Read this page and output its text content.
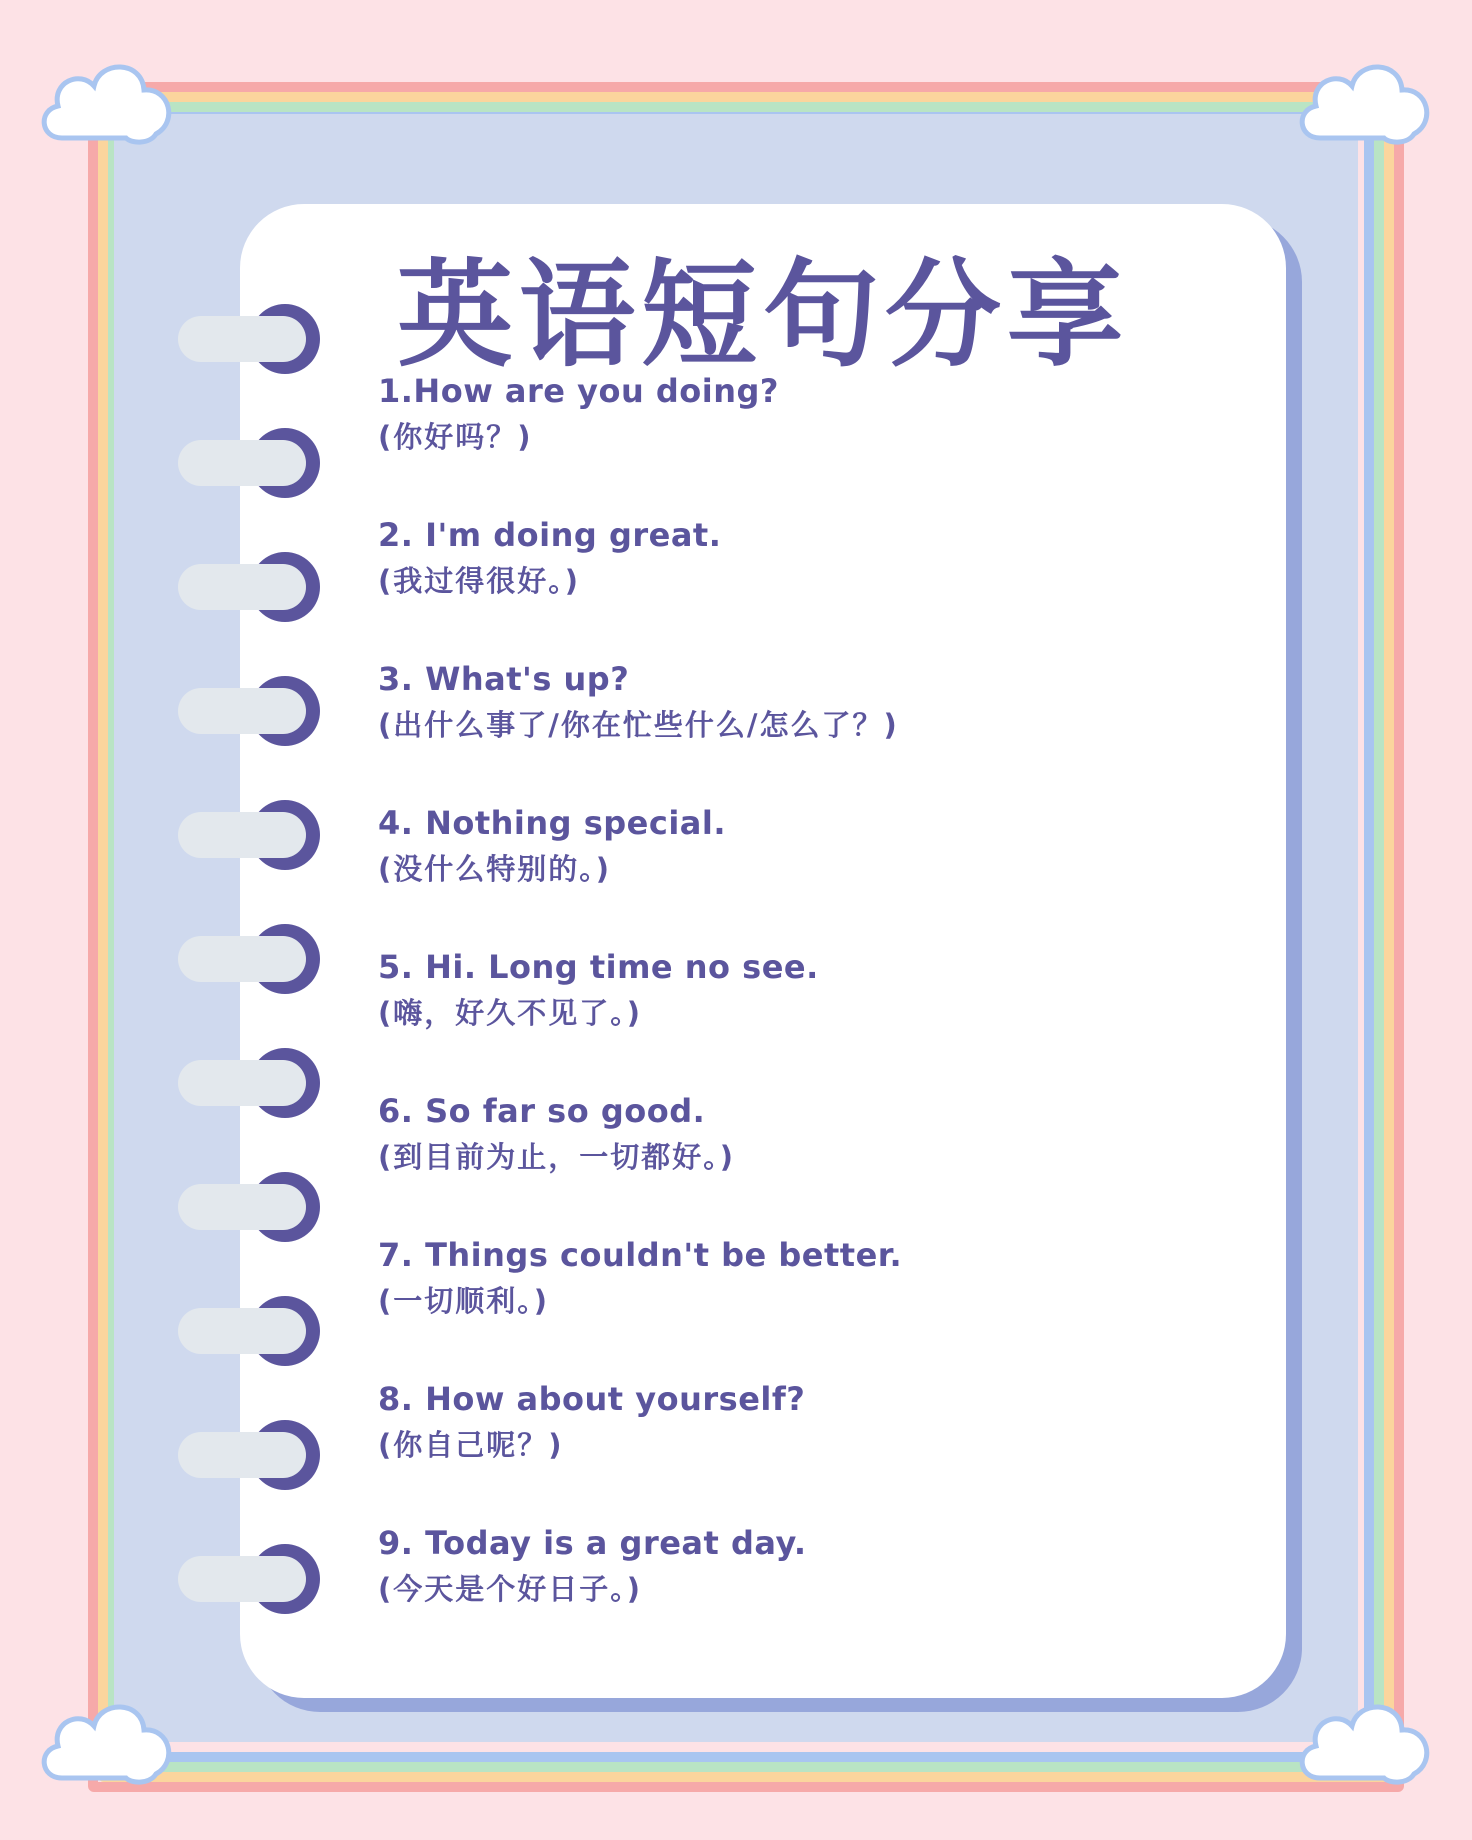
英语短句分享
1.How are you doing?
(你好吗？)
2. I'm doing great.
(我过得很好。)
3. What's up?
(出什么事了/你在忙些什么/怎么了？)
4. Nothing special.
(没什么特别的。)
5. Hi. Long time no see.
(嗨，好久不见了。)
6. So far so good.
(到目前为止，一切都好。)
7. Things couldn't be better.
(一切顺利。)
8. How about yourself?
(你自己呢？)
9. Today is a great day.
(今天是个好日子。)
